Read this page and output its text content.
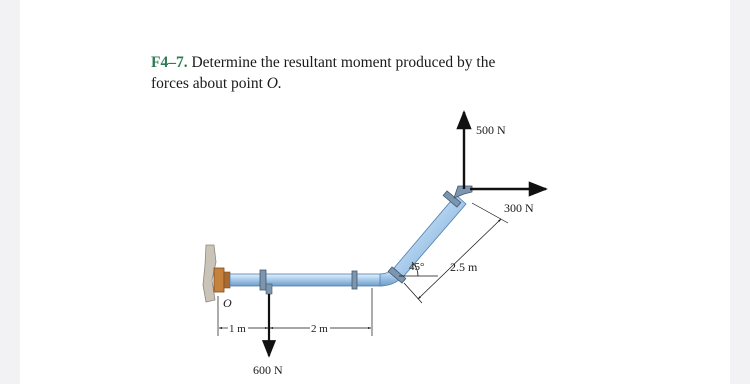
F4–7. Determine the resultant moment produced by the
forces about point O.
500 N
300 N
600 N
45° 2.5 m
1 m	2 m
O
